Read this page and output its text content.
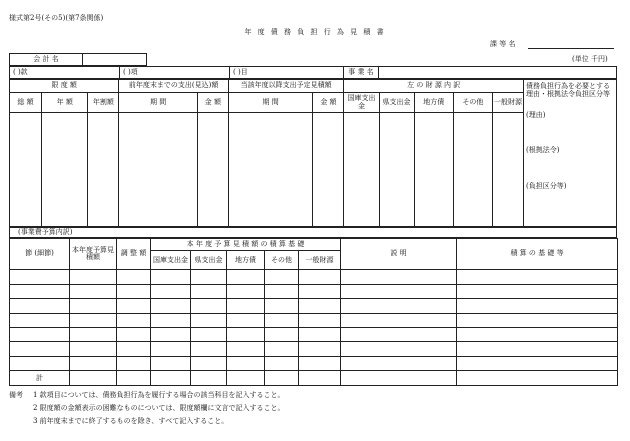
様式第2号(その5)(第7条関係)
年 度 債 務 負 担 行 為 見 積 書
課 等 名
(単位 千円)
会 計 名	
( )款	( )項	( )目	事 業 名	
限 度 額			前年度末までの支出(見込)額		当該年度以降支出予定見積額		左 の 財 源 内 訳					債務負担行為を必要とする理由・根拠法令負担区分等
(理由)
(根拠法令)
(負担区分等)

総 額	年 額	年割額	期 間	金 額	期 間	金 額	国庫支出金	県支出金	地方債	その他	一般財源	

(事業費予算内訳)
節 (細節)	本年度予算見積額	調 整 額	本 年 度 予 算 見 積 額 の 積 算 基 礎					説 明	積 算 の 基 礎 等
			国庫支出金	県支出金	地方債	その他	一般財源		

計									
備考 1 款項目については、債務負担行為を履行する場合の該当科目を記入すること。
2 限度額の金額表示の困難なものについては、限度額欄に文言で記入すること。
3 前年度末までに終了するものを除き、すべて記入すること。
